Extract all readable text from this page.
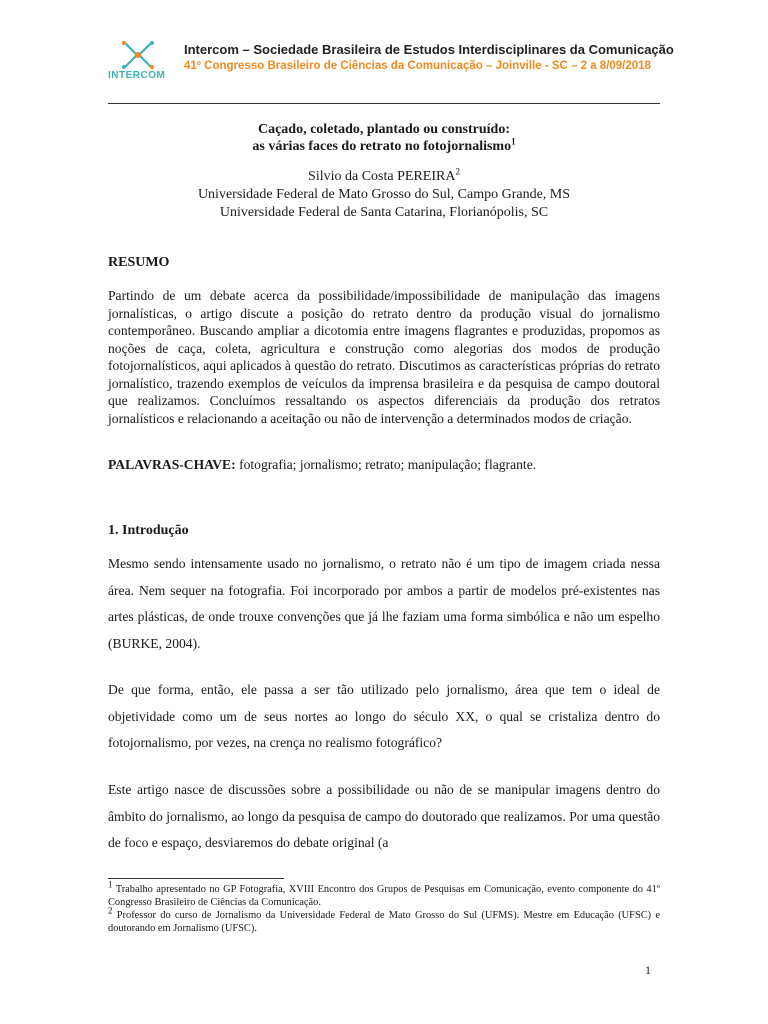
INTERCOM
Intercom – Sociedade Brasileira de Estudos Interdisciplinares da Comunicação
41º Congresso Brasileiro de Ciências da Comunicação – Joinville - SC – 2 a 8/09/2018
Caçado, coletado, plantado ou construído:
as várias faces do retrato no fotojornalismo$^1$
Silvio da Costa PEREIRA$^2$
Universidade Federal de Mato Grosso do Sul, Campo Grande, MS
Universidade Federal de Santa Catarina, Florianópolis, SC
RESUMO

Partindo de um debate acerca da possibilidade/impossibilidade de manipulação das imagens jornalísticas, o artigo discute a posição do retrato dentro da produção visual do jornalismo contemporâneo. Buscando ampliar a dicotomia entre imagens flagrantes e produzidas, propomos as noções de caça, coleta, agricultura e construção como alegorias dos modos de produção fotojornalísticos, aqui aplicados à questão do retrato. Discutimos as características próprias do retrato jornalístico, trazendo exemplos de veículos da imprensa brasileira e da pesquisa de campo doutoral que realizamos. Concluímos ressaltando os aspectos diferenciais da produção dos retratos jornalísticos e relacionando a aceitação ou não de intervenção a determinados modos de criação.

PALAVRAS-CHAVE: fotografia; jornalismo; retrato; manipulação; flagrante.

1. Introdução

Mesmo sendo intensamente usado no jornalismo, o retrato não é um tipo de imagem criada nessa área. Nem sequer na fotografia. Foi incorporado por ambos a partir de modelos pré-existentes nas artes plásticas, de onde trouxe convenções que já lhe faziam uma forma simbólica e não um espelho (BURKE, 2004).

De que forma, então, ele passa a ser tão utilizado pelo jornalismo, área que tem o ideal de objetividade como um de seus nortes ao longo do século XX, o qual se cristaliza dentro do fotojornalismo, por vezes, na crença no realismo fotográfico?

Este artigo nasce de discussões sobre a possibilidade ou não de se manipular imagens dentro do âmbito do jornalismo, ao longo da pesquisa de campo do doutorado que realizamos. Por uma questão de foco e espaço, desviaremos do debate original (a

$^1$ Trabalho apresentado no GP Fotografia, XVIII Encontro dos Grupos de Pesquisas em Comunicação, evento componente do 41º Congresso Brasileiro de Ciências da Comunicação.

$^2$ Professor do curso de Jornalismo da Universidade Federal de Mato Grosso do Sul (UFMS). Mestre em Educação (UFSC) e doutorando em Jornalismo (UFSC).

1
